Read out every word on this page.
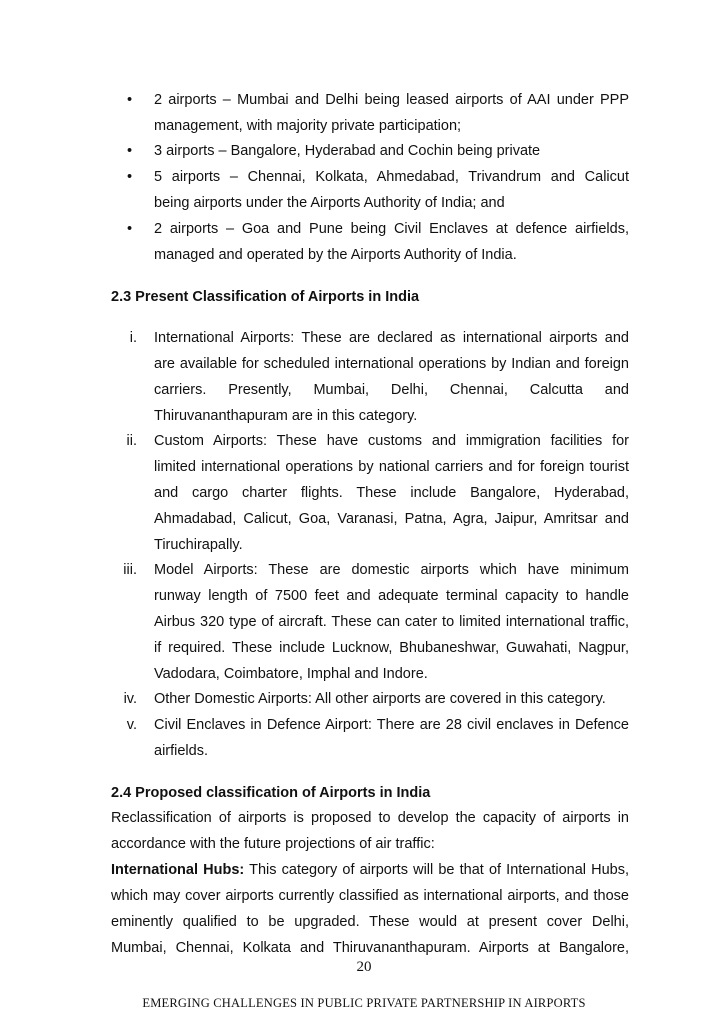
• 2 airports – Mumbai and Delhi being leased airports of AAI under PPP
management, with majority private participation;
• 3 airports – Bangalore, Hyderabad and Cochin being private
• 5 airports – Chennai, Kolkata, Ahmedabad, Trivandrum and Calicut
being airports under the Airports Authority of India; and
• 2 airports – Goa and Pune being Civil Enclaves at defence airfields,
managed and operated by the Airports Authority of India.
2.3 Present Classification of Airports in India
i. International Airports: These are declared as international airports and
are available for scheduled international operations by Indian and foreign
carriers. Presently, Mumbai, Delhi, Chennai, Calcutta and
Thiruvananthapuram are in this category.
ii. Custom Airports: These have customs and immigration facilities for
limited international operations by national carriers and for foreign tourist
and cargo charter flights. These include Bangalore, Hyderabad,
Ahmadabad, Calicut, Goa, Varanasi, Patna, Agra, Jaipur, Amritsar and
Tiruchirapally.
iii. Model Airports: These are domestic airports which have minimum
runway length of 7500 feet and adequate terminal capacity to handle
Airbus 320 type of aircraft. These can cater to limited international traffic,
if required. These include Lucknow, Bhubaneshwar, Guwahati, Nagpur,
Vadodara, Coimbatore, Imphal and Indore.
iv. Other Domestic Airports: All other airports are covered in this category.
v. Civil Enclaves in Defence Airport: There are 28 civil enclaves in Defence
airfields.
2.4 Proposed classification of Airports in India
Reclassification of airports is proposed to develop the capacity of airports in
accordance with the future projections of air traffic:
International Hubs: This category of airports will be that of International Hubs,
which may cover airports currently classified as international airports, and those
eminently qualified to be upgraded. These would at present cover Delhi,
Mumbai, Chennai, Kolkata and Thiruvananthapuram. Airports at Bangalore,
20
EMERGING CHALLENGES IN PUBLIC PRIVATE PARTNERSHIP IN AIRPORTS
